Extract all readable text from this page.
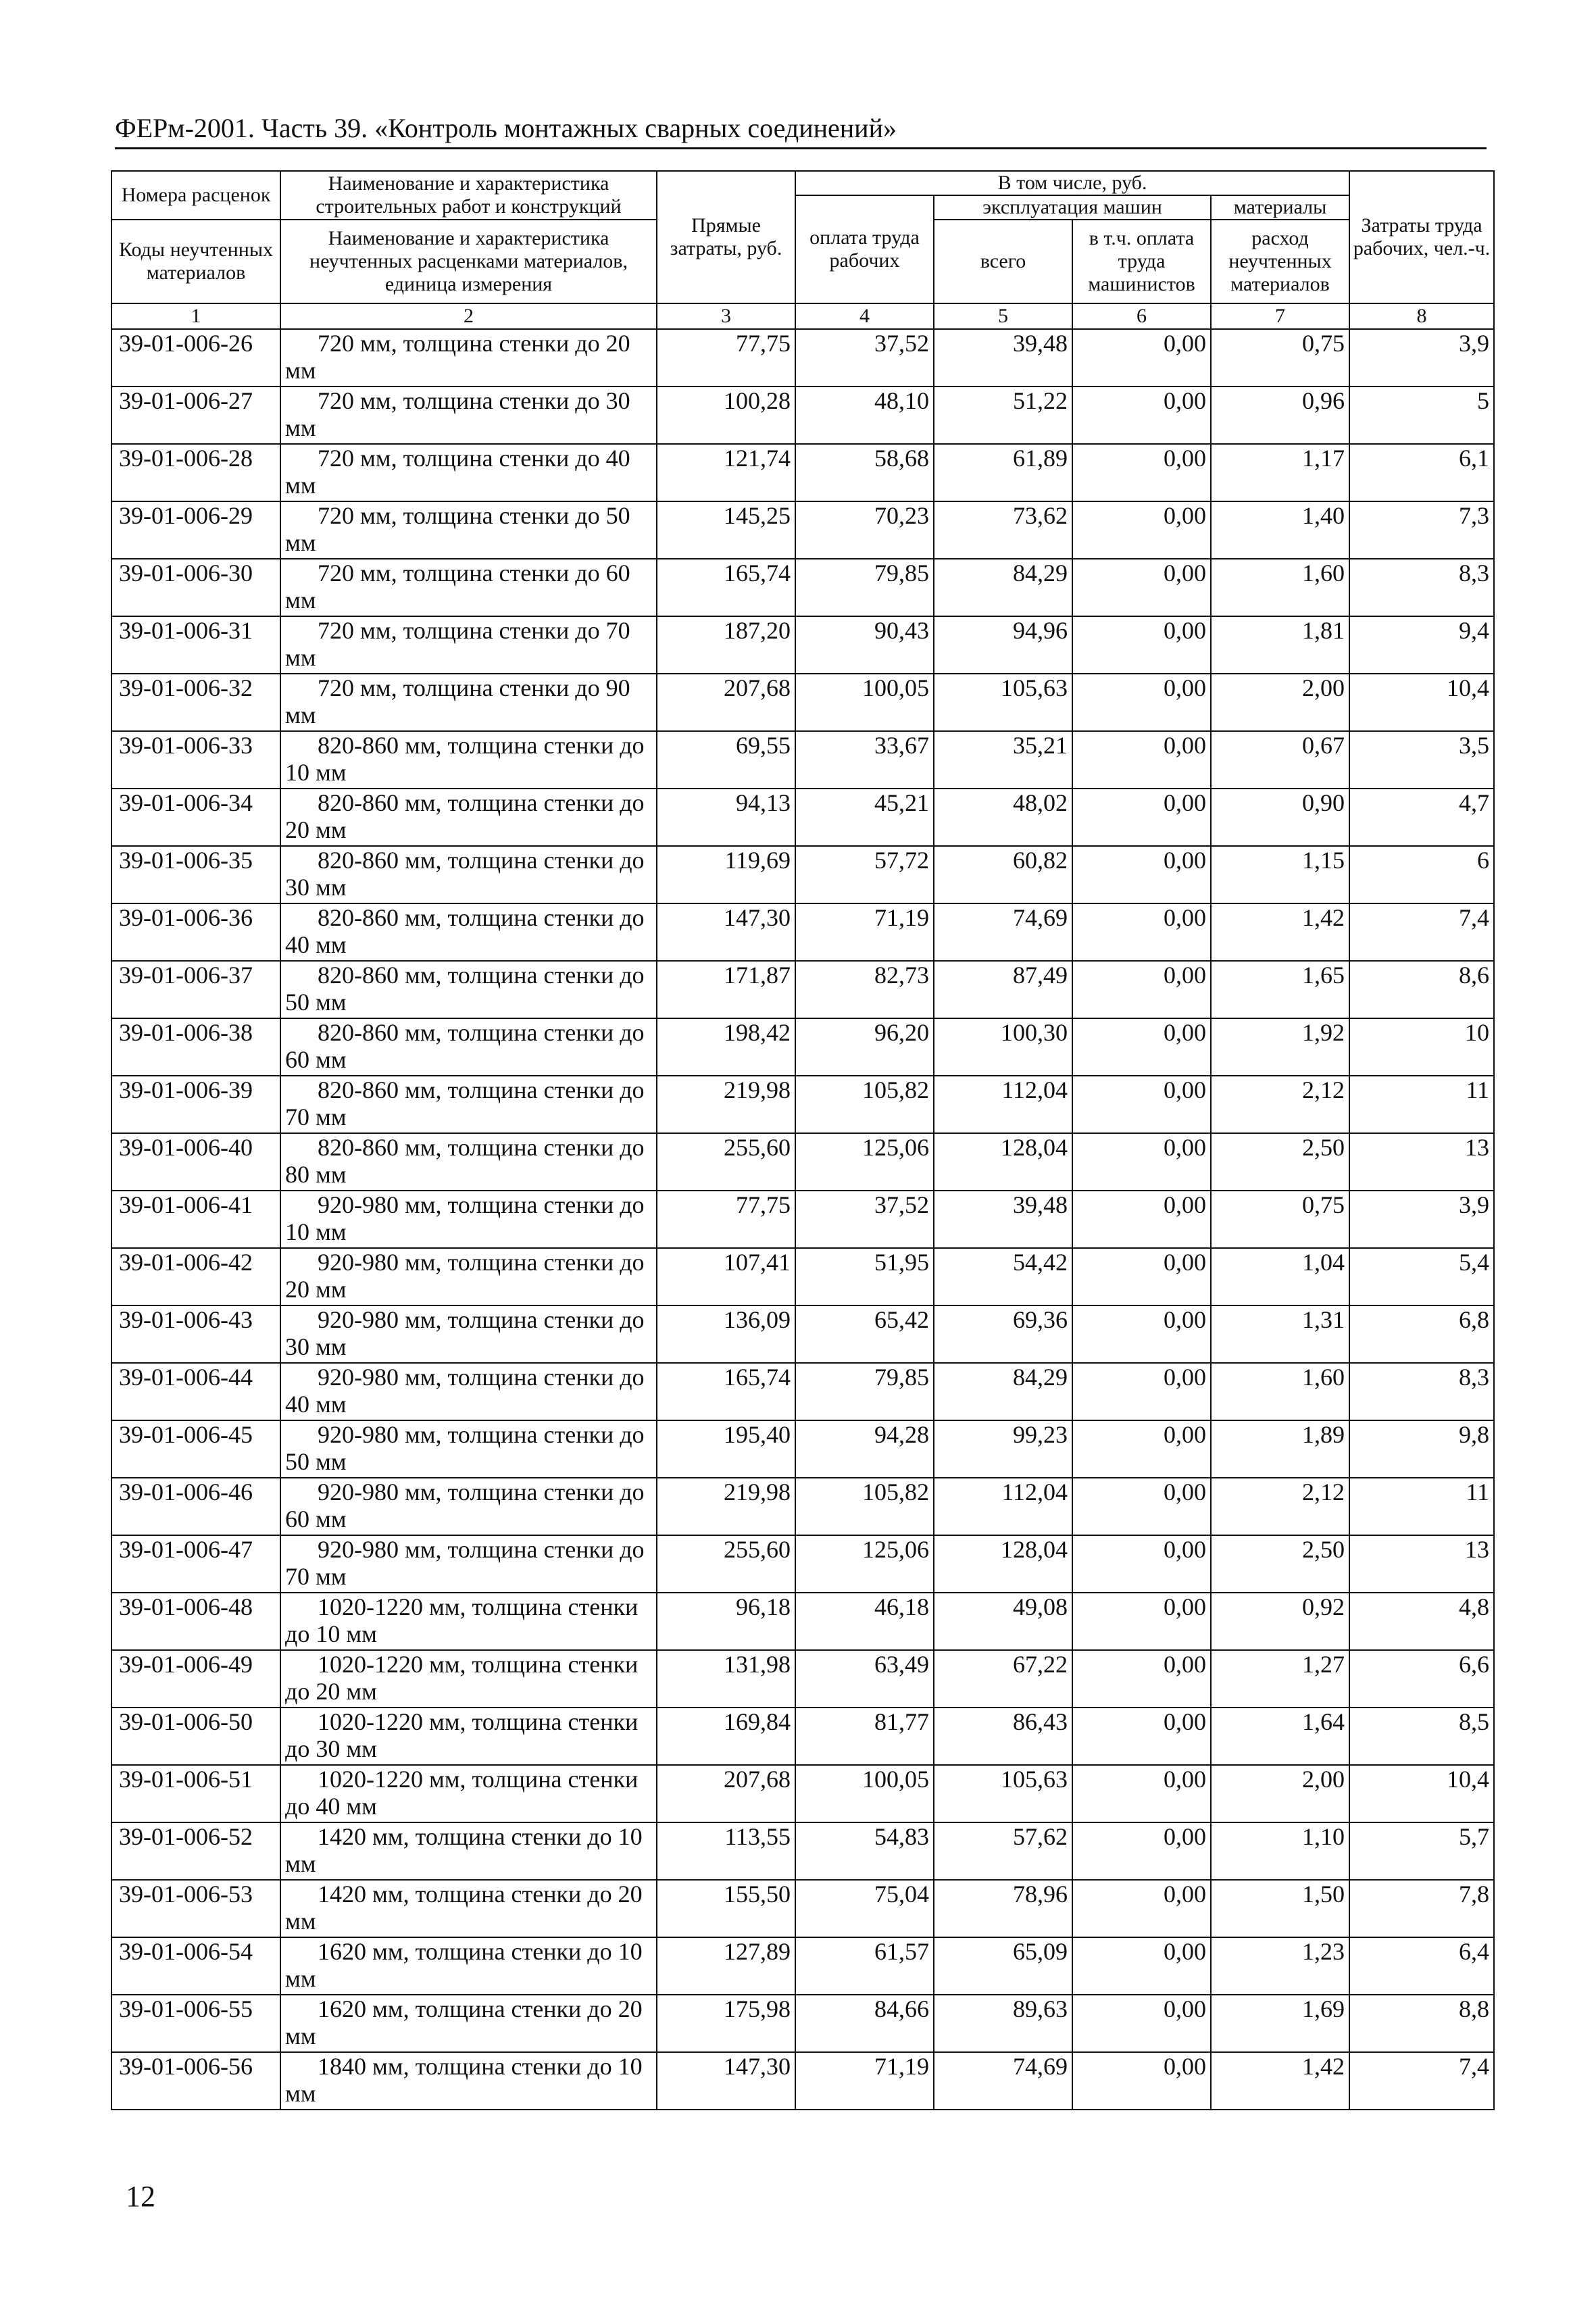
ФЕРм-2001. Часть 39. «Контроль монтажных сварных соединений»
Номера расценок	Наименование и характеристика строительных работ и конструкций	Прямые затраты, руб.	В том числе, руб.				Затраты труда рабочих, чел.-ч.
			оплата труда рабочих	эксплуатация машин		материалы	
Коды неучтенных материалов	Наименование и характеристика неучтенных расценками материалов, единица измерения			всего	в т.ч. оплата труда машинистов	расход неучтенных материалов	

1	2	3	4	5	6	7	8
39-01-006-26	720 мм, толщина стенки до 20 мм	77,75	37,52	39,48	0,00	0,75	3,9
39-01-006-27	720 мм, толщина стенки до 30 мм	100,28	48,10	51,22	0,00	0,96	5
39-01-006-28	720 мм, толщина стенки до 40 мм	121,74	58,68	61,89	0,00	1,17	6,1
39-01-006-29	720 мм, толщина стенки до 50 мм	145,25	70,23	73,62	0,00	1,40	7,3
39-01-006-30	720 мм, толщина стенки до 60 мм	165,74	79,85	84,29	0,00	1,60	8,3
39-01-006-31	720 мм, толщина стенки до 70 мм	187,20	90,43	94,96	0,00	1,81	9,4
39-01-006-32	720 мм, толщина стенки до 90 мм	207,68	100,05	105,63	0,00	2,00	10,4
39-01-006-33	820-860 мм, толщина стенки до 10 мм	69,55	33,67	35,21	0,00	0,67	3,5
39-01-006-34	820-860 мм, толщина стенки до 20 мм	94,13	45,21	48,02	0,00	0,90	4,7
39-01-006-35	820-860 мм, толщина стенки до 30 мм	119,69	57,72	60,82	0,00	1,15	6
39-01-006-36	820-860 мм, толщина стенки до 40 мм	147,30	71,19	74,69	0,00	1,42	7,4
39-01-006-37	820-860 мм, толщина стенки до 50 мм	171,87	82,73	87,49	0,00	1,65	8,6
39-01-006-38	820-860 мм, толщина стенки до 60 мм	198,42	96,20	100,30	0,00	1,92	10
39-01-006-39	820-860 мм, толщина стенки до 70 мм	219,98	105,82	112,04	0,00	2,12	11
39-01-006-40	820-860 мм, толщина стенки до 80 мм	255,60	125,06	128,04	0,00	2,50	13
39-01-006-41	920-980 мм, толщина стенки до 10 мм	77,75	37,52	39,48	0,00	0,75	3,9
39-01-006-42	920-980 мм, толщина стенки до 20 мм	107,41	51,95	54,42	0,00	1,04	5,4
39-01-006-43	920-980 мм, толщина стенки до 30 мм	136,09	65,42	69,36	0,00	1,31	6,8
39-01-006-44	920-980 мм, толщина стенки до 40 мм	165,74	79,85	84,29	0,00	1,60	8,3
39-01-006-45	920-980 мм, толщина стенки до 50 мм	195,40	94,28	99,23	0,00	1,89	9,8
39-01-006-46	920-980 мм, толщина стенки до 60 мм	219,98	105,82	112,04	0,00	2,12	11
39-01-006-47	920-980 мм, толщина стенки до 70 мм	255,60	125,06	128,04	0,00	2,50	13
39-01-006-48	1020-1220 мм, толщина стенки до 10 мм	96,18	46,18	49,08	0,00	0,92	4,8
39-01-006-49	1020-1220 мм, толщина стенки до 20 мм	131,98	63,49	67,22	0,00	1,27	6,6
39-01-006-50	1020-1220 мм, толщина стенки до 30 мм	169,84	81,77	86,43	0,00	1,64	8,5
39-01-006-51	1020-1220 мм, толщина стенки до 40 мм	207,68	100,05	105,63	0,00	2,00	10,4
39-01-006-52	1420 мм, толщина стенки до 10 мм	113,55	54,83	57,62	0,00	1,10	5,7
39-01-006-53	1420 мм, толщина стенки до 20 мм	155,50	75,04	78,96	0,00	1,50	7,8
39-01-006-54	1620 мм, толщина стенки до 10 мм	127,89	61,57	65,09	0,00	1,23	6,4
39-01-006-55	1620 мм, толщина стенки до 20 мм	175,98	84,66	89,63	0,00	1,69	8,8
39-01-006-56	1840 мм, толщина стенки до 10 мм	147,30	71,19	74,69	0,00	1,42	7,4
12
